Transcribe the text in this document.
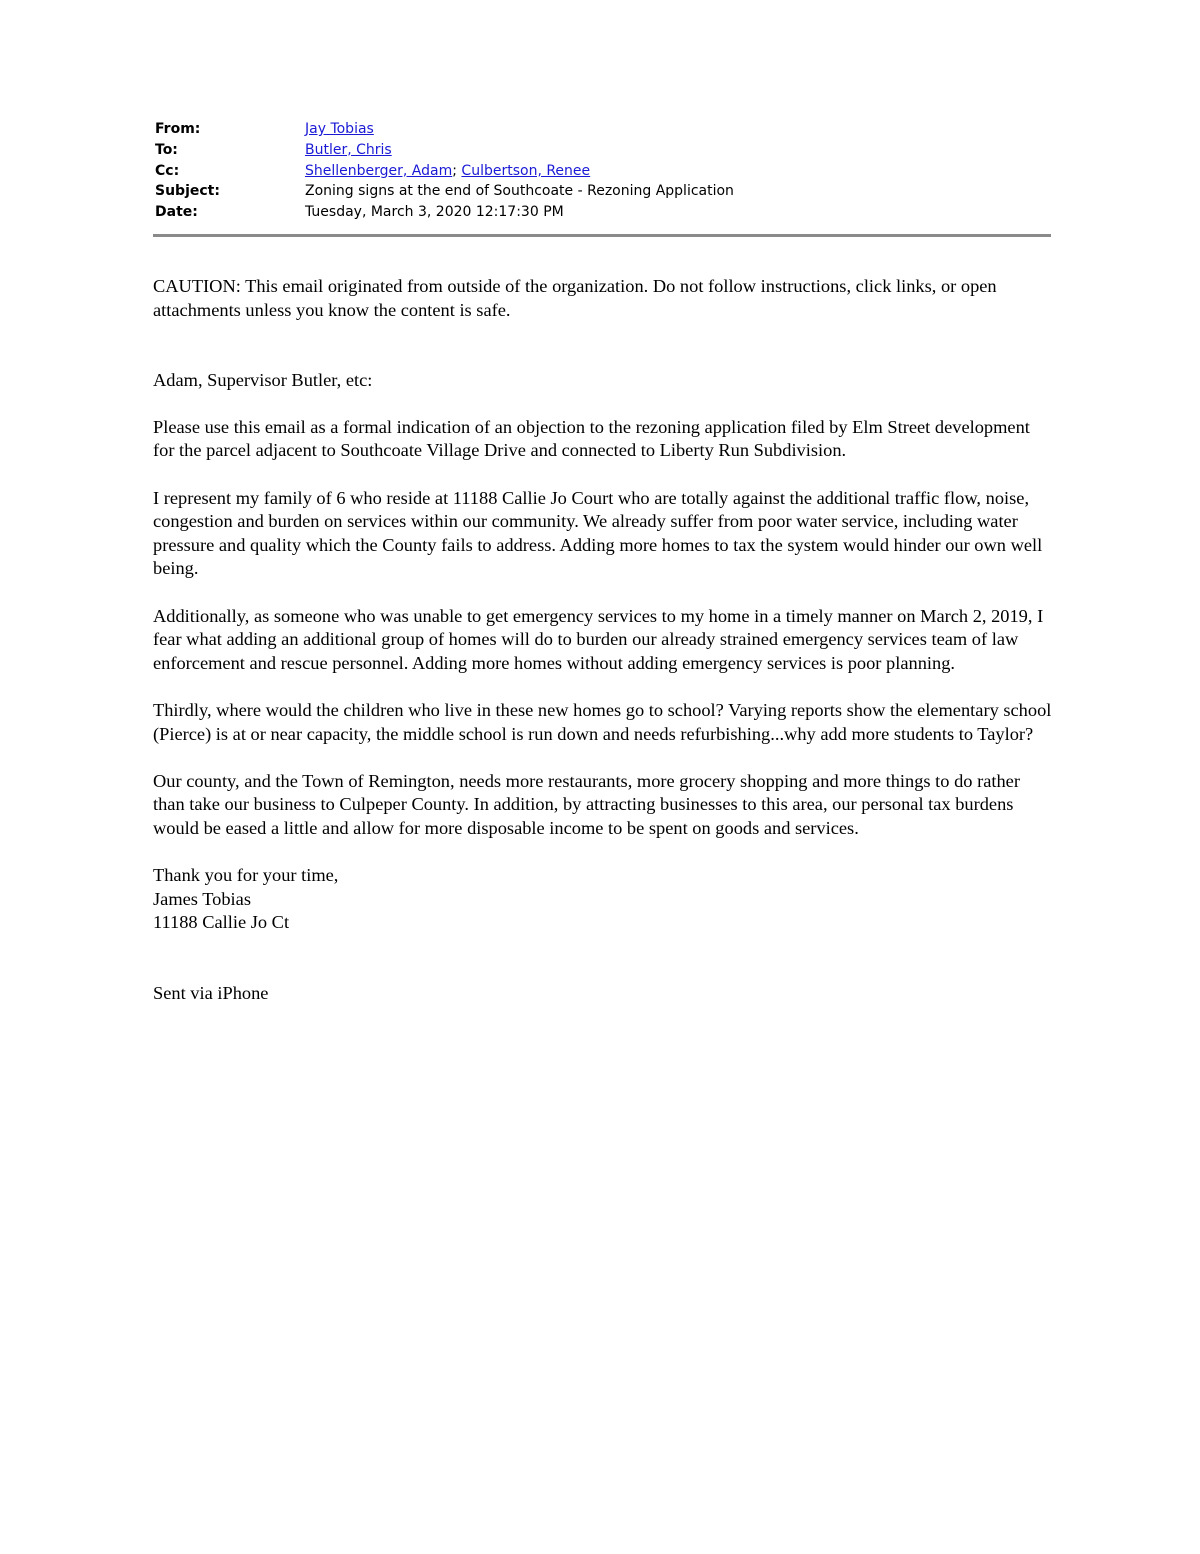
From:	Jay Tobias
To:	Butler, Chris
Cc:	Shellenberger, Adam; Culbertson, Renee
Subject:	Zoning signs at the end of Southcoate - Rezoning Application
Date:	Tuesday, March 3, 2020 12:17:30 PM

CAUTION: This email originated from outside of the organization. Do not follow instructions, click links, or open attachments unless you know the content is safe.

Adam, Supervisor Butler, etc:

Please use this email as a formal indication of an objection to the rezoning application filed by Elm Street development for the parcel adjacent to Southcoate Village Drive and connected to Liberty Run Subdivision.

I represent my family of 6 who reside at 11188 Callie Jo Court who are totally against the additional traffic flow, noise, congestion and burden on services within our community. We already suffer from poor water service, including water pressure and quality which the County fails to address. Adding more homes to tax the system would hinder our own well being.

Additionally, as someone who was unable to get emergency services to my home in a timely manner on March 2, 2019, I fear what adding an additional group of homes will do to burden our already strained emergency services team of law enforcement and rescue personnel. Adding more homes without adding emergency services is poor planning.

Thirdly, where would the children who live in these new homes go to school? Varying reports show the elementary school (Pierce) is at or near capacity, the middle school is run down and needs refurbishing...why add more students to Taylor?

Our county, and the Town of Remington, needs more restaurants, more grocery shopping and more things to do rather than take our business to Culpeper County. In addition, by attracting businesses to this area, our personal tax burdens would be eased a little and allow for more disposable income to be spent on goods and services.

Thank you for your time,

James Tobias

11188 Callie Jo Ct

Sent via iPhone
